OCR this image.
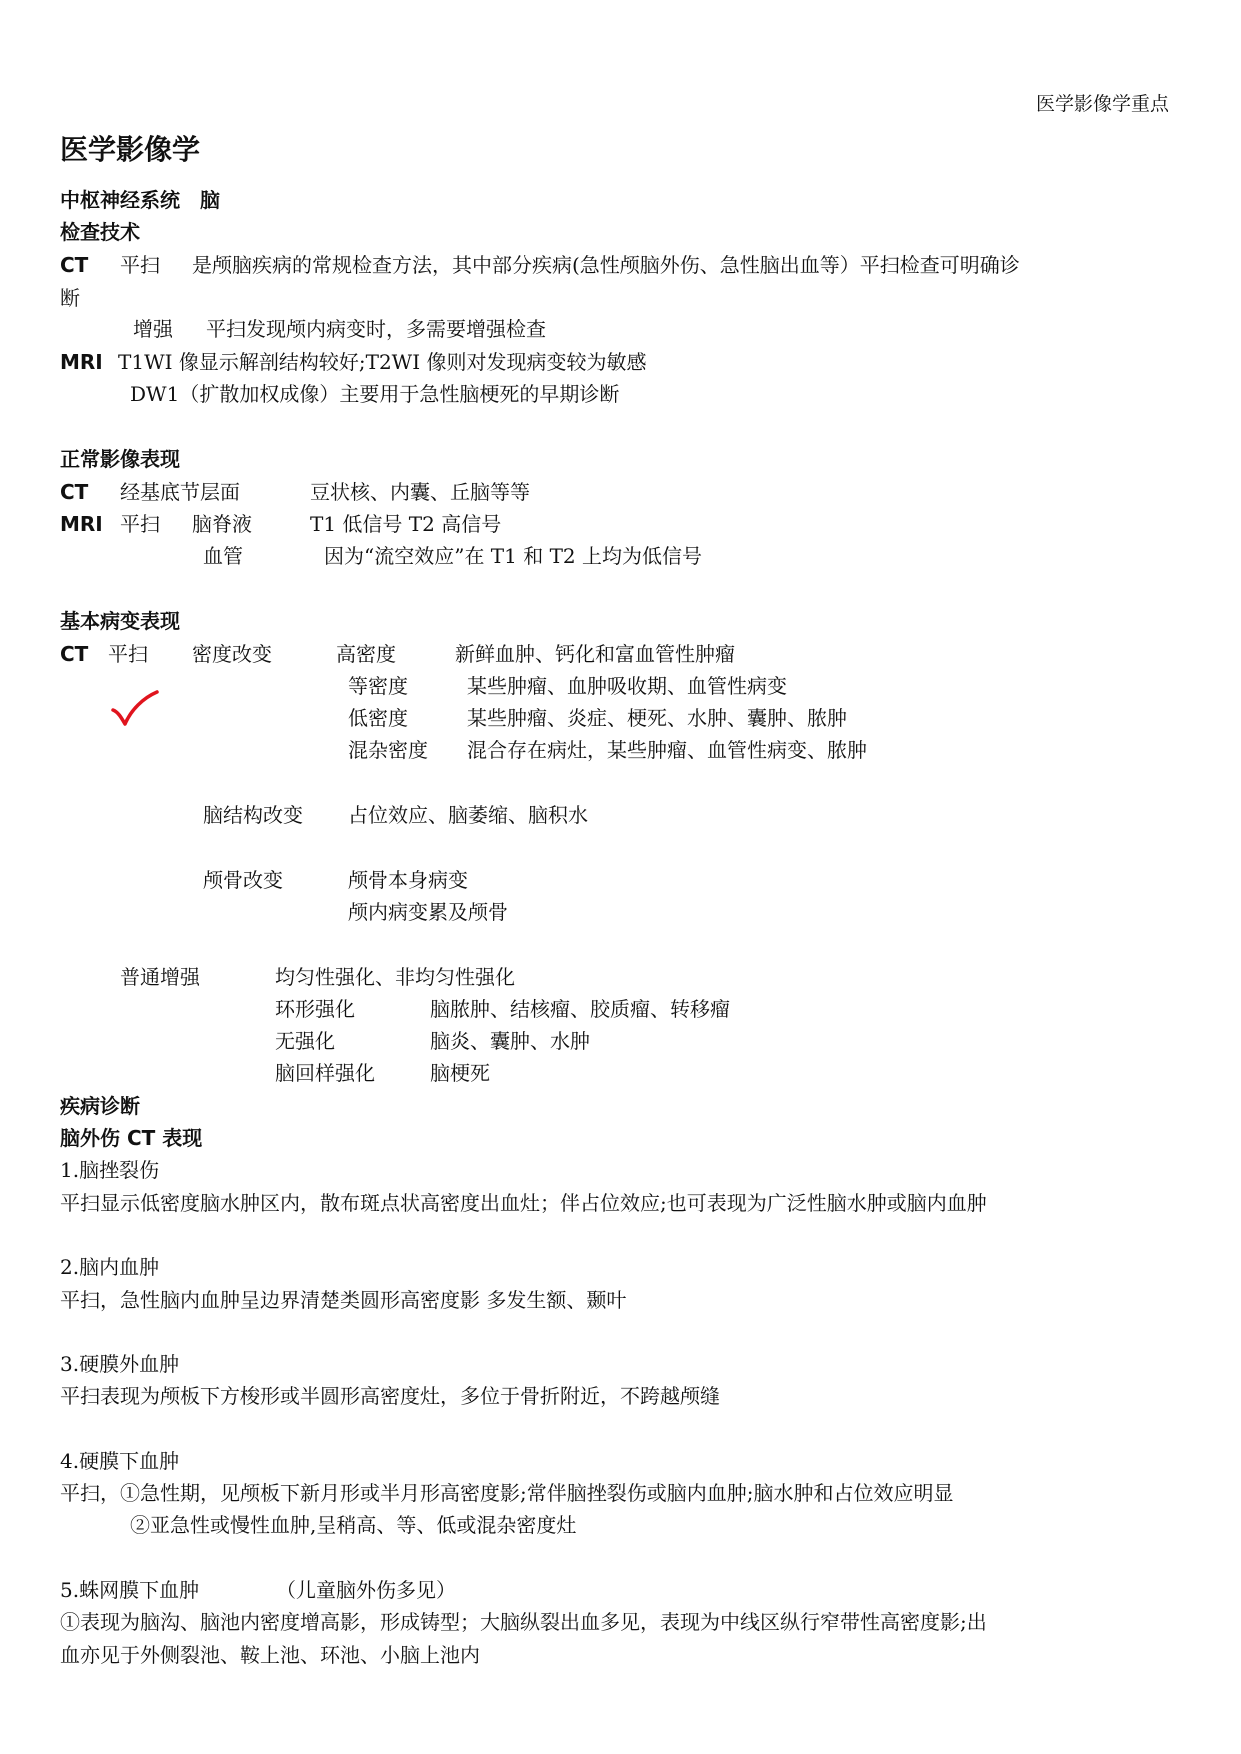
医学影像学重点
医学影像学
中枢神经系统　脑
检查技术
CT 平扫 是颅脑疾病的常规检查方法，其中部分疾病(急性颅脑外伤、急性脑出血等）平扫检查可明确诊
断
增强 平扫发现颅内病变时，多需要增强检查
MRI T1WI 像显示解剖结构较好;T2WI 像则对发现病变较为敏感
DW1（扩散加权成像）主要用于急性脑梗死的早期诊断
正常影像表现
CT 经基底节层面	豆状核、内囊、丘脑等等
MRI 平扫 脑脊液	T1 低信号 T2 高信号
血管	因为“流空效应”在 T1 和 T2 上均为低信号
基本病变表现
CT 平扫 密度改变	高密度	新鲜血肿、钙化和富血管性肿瘤
等密度	某些肿瘤、血肿吸收期、血管性病变
低密度	某些肿瘤、炎症、梗死、水肿、囊肿、脓肿
混杂密度 混合存在病灶，某些肿瘤、血管性病变、脓肿
脑结构改变 占位效应、脑萎缩、脑积水
颅骨改变	颅骨本身病变
颅内病变累及颅骨
普通增强	均匀性强化、非均匀性强化
环形强化	脑脓肿、结核瘤、胶质瘤、转移瘤
无强化	脑炎、囊肿、水肿
脑回样强化	脑梗死
疾病诊断
脑外伤 CT 表现
1.脑挫裂伤
平扫显示低密度脑水肿区内，散布斑点状高密度出血灶；伴占位效应;也可表现为广泛性脑水肿或脑内血肿
2.脑内血肿
平扫，急性脑内血肿呈边界清楚类圆形高密度影 多发生额、颞叶
3.硬膜外血肿
平扫表现为颅板下方梭形或半圆形高密度灶，多位于骨折附近，不跨越颅缝
4.硬膜下血肿
平扫，①急性期，见颅板下新月形或半月形高密度影;常伴脑挫裂伤或脑内血肿;脑水肿和占位效应明显
②亚急性或慢性血肿,呈稍高、等、低或混杂密度灶
5.蛛网膜下血肿	（儿童脑外伤多见）
①表现为脑沟、脑池内密度增高影，形成铸型；大脑纵裂出血多见，表现为中线区纵行窄带性高密度影;出
血亦见于外侧裂池、鞍上池、环池、小脑上池内
